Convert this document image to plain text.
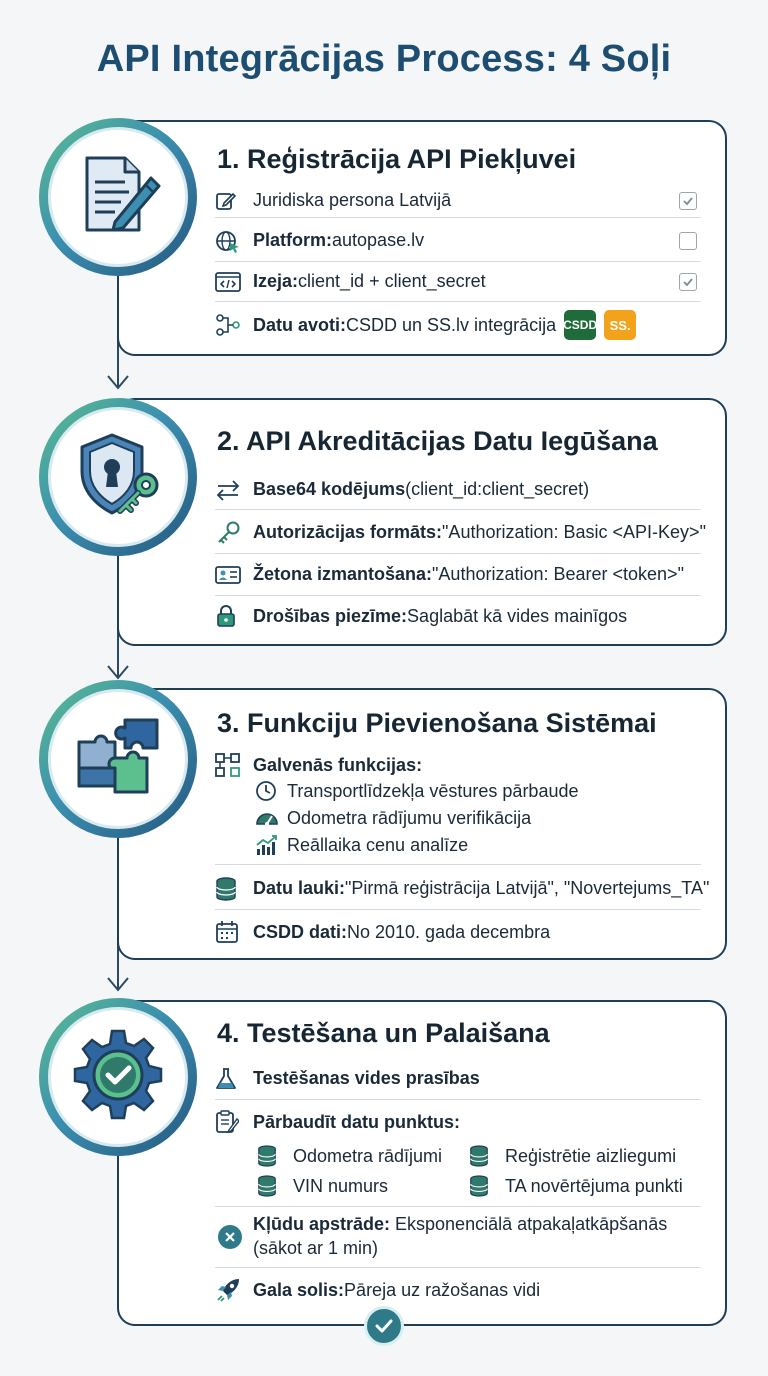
API Integrācijas Process: 4 Soļi
1. Reģistrācija API Piekļuvei
Juridiska persona Latvijā
Platform: autopase.lv
Izeja: client_id + client_secret
Datu avoti: CSDD un SS.lv integrācija CSDD SS.
2. API Akreditācijas Datu Iegūšana
Base64 kodējums (client_id:client_secret)
Autorizācijas formāts: "Authorization: Basic <API-Key>"
Žetona izmantošana: "Authorization: Bearer <token>"
Drošības piezīme: Saglabāt kā vides mainīgos
3. Funkciju Pievienošana Sistēmai
Galvenās funkcijas:
Transportlīdzekļa vēstures pārbaude
Odometra rādījumu verifikācija
Reāllaika cenu analīze
Datu lauki: "Pirmā reģistrācija Latvijā", "Novertejums_TA"
CSDD dati: No 2010. gada decembra
4. Testēšana un Palaišana
Testēšanas vides prasības
Pārbaudīt datu punktus:
Odometra rādījumi	Reģistrētie aizliegumi
VIN numurs	TA novērtējuma punkti
Kļūdu apstrāde: Eksponenciālā atpakaļatkāpšanās
(sākot ar 1 min)
Gala solis: Pāreja uz ražošanas vidi
